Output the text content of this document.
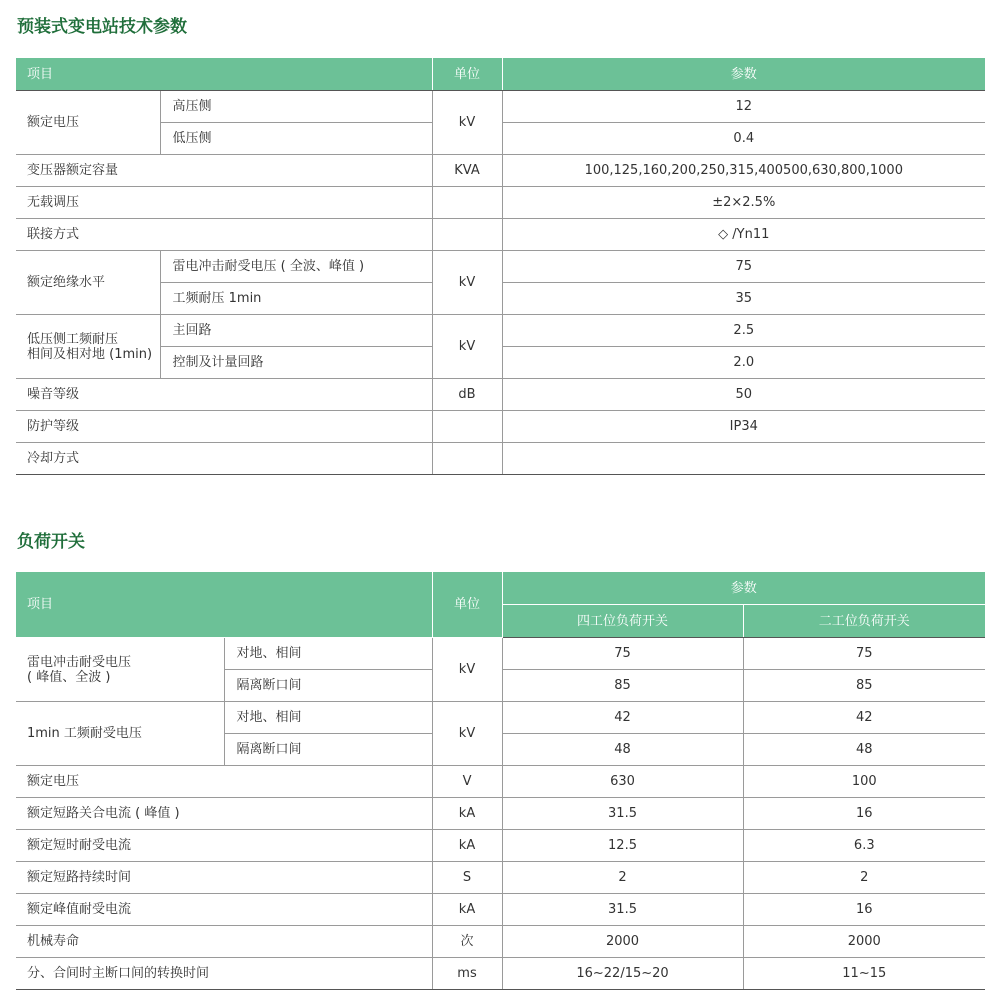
预装式变电站技术参数
项目		单位	参数
额定电压	高压侧	kV	12
	低压侧		0.4
变压器额定容量		KVA	100,125,160,200,250,315,400500,630,800,1000
无载调压			±2×2.5%
联接方式			◇ /Yn11
额定绝缘水平	雷电冲击耐受电压 ( 全波、峰值 )	kV	75
	工频耐压 1min		35

低压侧工频耐压
相间及相对地 (1min)	主回路	kV	2.5
	控制及计量回路		2.0
噪音等级		dB	50
防护等级			IP34
冷却方式			
负荷开关
项目		单位	参数	
			四工位负荷开关	二工位负荷开关

雷电冲击耐受电压
( 峰值、全波 )	对地、相间	kV	75	75
	隔离断口间		85	85
1min 工频耐受电压	对地、相间	kV	42	42
	隔离断口间		48	48
额定电压		V	630	100
额定短路关合电流 ( 峰值 )		kA	31.5	16
额定短时耐受电流		kA	12.5	6.3
额定短路持续时间		S	2	2
额定峰值耐受电流		kA	31.5	16
机械寿命		次	2000	2000
分、合间时主断口间的转换时间		ms	16~22/15~20	11~15
